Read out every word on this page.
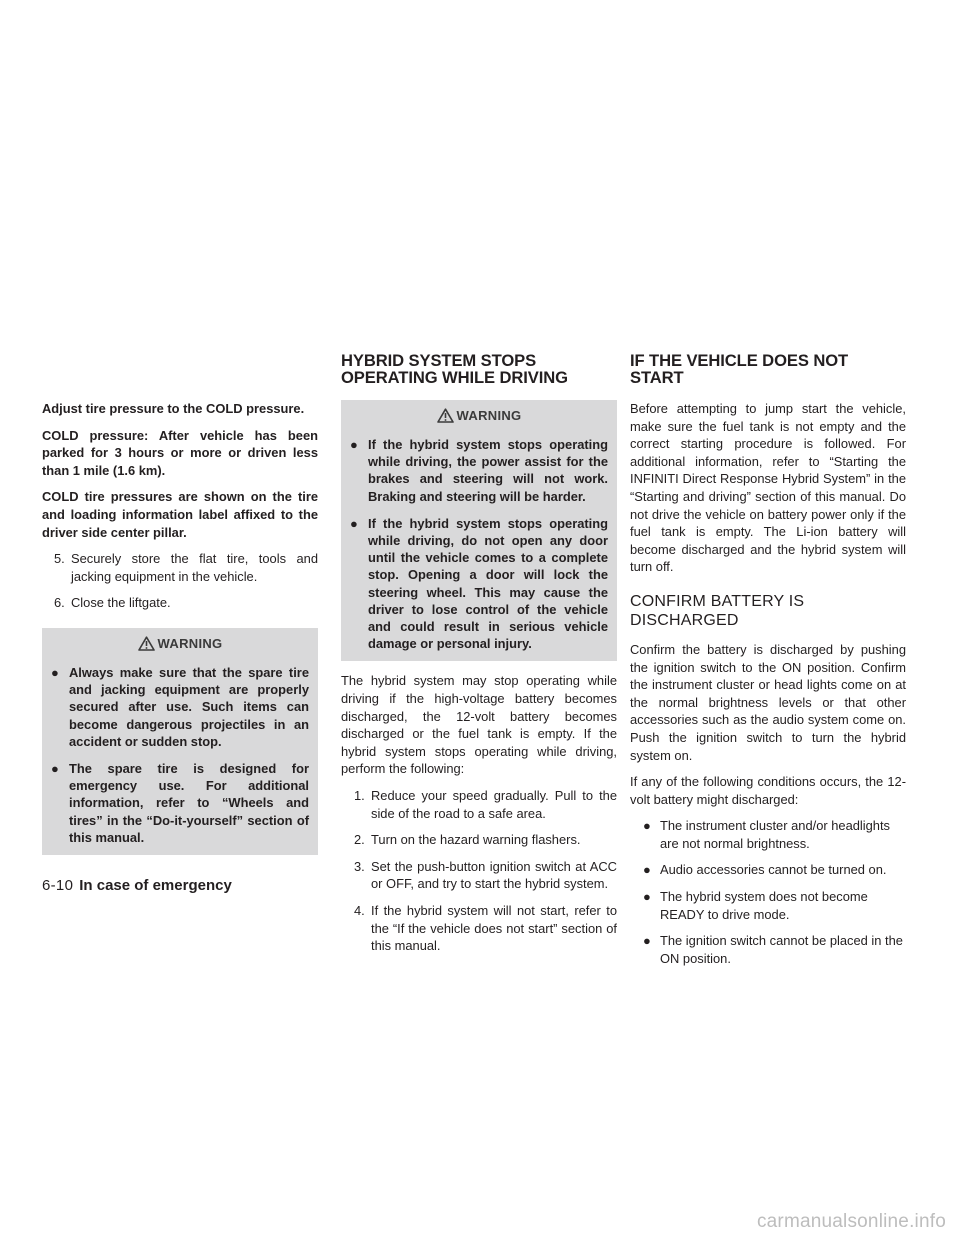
Adjust tire pressure to the COLD pressure.

COLD pressure: After vehicle has been parked for 3 hours or more or driven less than 1 mile (1.6 km).

COLD tire pressures are shown on the tire and loading information label affixed to the driver side center pillar.

5. Securely store the flat tire, tools and jacking equipment in the vehicle.
6. Close the liftgate.
WARNING
● Always make sure that the spare tire and jacking equipment are properly secured after use. Such items can become dangerous projectiles in an accident or sudden stop.
● The spare tire is designed for emergency use. For additional information, refer to “Wheels and tires” in the “Do-it-yourself” section of this manual.
HYBRID SYSTEM STOPS OPERATING WHILE DRIVING
WARNING
● If the hybrid system stops operating while driving, the power assist for the brakes and steering will not work. Braking and steering will be harder.
● If the hybrid system stops operating while driving, do not open any door until the vehicle comes to a complete stop. Opening a door will lock the steering wheel. This may cause the driver to lose control of the vehicle and could result in serious vehicle damage or personal injury.

The hybrid system may stop operating while driving if the high-voltage battery becomes discharged, the 12-volt battery becomes discharged or the fuel tank is empty. If the hybrid system stops operating while driving, perform the following:

1. Reduce your speed gradually. Pull to the side of the road to a safe area.
2. Turn on the hazard warning flashers.
3. Set the push-button ignition switch at ACC or OFF, and try to start the hybrid system.
4. If the hybrid system will not start, refer to the “If the vehicle does not start” section of this manual.
IF THE VEHICLE DOES NOT START

Before attempting to jump start the vehicle, make sure the fuel tank is not empty and the correct starting procedure is followed. For additional information, refer to “Starting the INFINITI Direct Response Hybrid System” in the “Starting and driving” section of this manual. Do not drive the vehicle on battery power only if the fuel tank is empty. The Li-ion battery will become discharged and the hybrid system will turn off.

CONFIRM BATTERY IS DISCHARGED

Confirm the battery is discharged by pushing the ignition switch to the ON position. Confirm the instrument cluster or head lights come on at the normal brightness levels or that other accessories such as the audio system come on. Push the ignition switch to turn the hybrid system on.

If any of the following conditions occurs, the 12-volt battery might discharged:

● The instrument cluster and/or headlights are not normal brightness.
● Audio accessories cannot be turned on.
● The hybrid system does not become READY to drive mode.
● The ignition switch cannot be placed in the ON position.
6-10 In case of emergency
carmanualsonline.info
